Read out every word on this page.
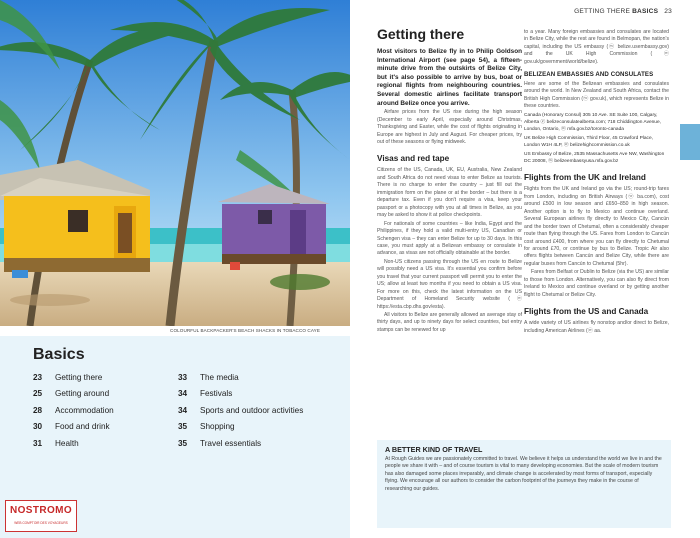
COLOURFUL BACKPACKER'S BEACH SHACKS IN TOBACCO CAYE
Basics
23	Getting there
25	Getting around
28	Accommodation
30	Food and drink
31	Health
33	The media
34	Festivals
34	Sports and outdoor activities
35	Shopping
35	Travel essentials
NOSTROMO
WEB COMPTOIR DES VOYAGEURS
GETTING THERE BASICS 23
Getting there

Most visitors to Belize fly in to Philip Goldson International Airport (see page 54), a fifteen-minute drive from the outskirts of Belize City, but it's also possible to arrive by bus, boat or regional flights from neighbouring countries. Several domestic airlines facilitate transport around Belize once you arrive.

Airfare prices from the US rise during the high season (December to early April, especially around Christmas, Thanksgiving and Easter, while the cost of flights originating in Europe are highest in July and August. For cheaper prices, try out of these seasons or flying midweek.

Visas and red tape

Citizens of the US, Canada, UK, EU, Australia, New Zealand and South Africa do not need visas to enter Belize as tourists. There is no charge to enter the country – just fill out the immigration form on the plane or at the border – but there is a departure tax. Even if you don't require a visa, keep your passport or a photocopy with you at all times in Belize, as you may be asked to show it at police checkpoints.

For nationals of some countries – like India, Egypt and the Philippines, if they hold a valid multi-entry US, Canadian or Schengen visa – they can enter Belize for up to 30 days. In this case, you must apply at a Belizean embassy or consulate in advance, as visas are not officially obtainable at the border.

Non-US citizens passing through the US en route to Belize will possibly need a US visa. It's essential you confirm before you travel that your current passport will permit you to enter the US; allow at least two months if you need to obtain a US visa. For more on this, check the latest information on the US Department of Homeland Security website (ⓦ https://esta.cbp.dhs.gov/esta).

All visitors to Belize are generally allowed an average stay of thirty days, and up to ninety days for select countries, but entry stamps can be renewed for up

to a year. Many foreign embassies and consulates are located in Belize City, while the rest are found in Belmopan, the nation's capital, including the US embassy (ⓦ belize.usembassy.gov) and the UK High Commission (ⓦ gov.uk/government/world/belize).

BELIZEAN EMBASSIES AND CONSULATES

Here are some of the Belizean embassies and consulates around the world. In New Zealand and South Africa, contact the British High Commission (ⓦ gov.uk), which represents Belize in these countries.

Canada (Honorary Consul) 305 10 Ave. SE Suite 100, Calgary, Alberta ⓔ belizeconsulatealberta.com; 718 Chiddington Avenue, London, Ontario, ⓦ mfa.gov.bz/toronto-canada

UK Belize High Commission, Third Floor, 45 Crawford Place, London W1H 4LP, ⓦ belizehighcommission.co.uk

US Embassy of Belize, 2535 Massachusetts Ave NW, Washington DC 20008, ⓦ belizeembassyusa.mfa.gov.bz

Flights from the UK and Ireland

Flights from the UK and Ireland go via the US; round-trip fares from London, including on British Airways (ⓦ ba.com), cost around £500 in low season and £650–850 in high season. Another option is to fly to Mexico and continue overland. Several European airlines fly directly to Mexico City, Cancún and the border town of Chetumal, often a considerably cheaper route than flying through the US. Fares from London to Cancún cost around £400, from where you can fly directly to Chetumal for around £70, or continue by bus to Belize. Tropic Air also offers flights between Cancún and Belize City, while there are regular buses from Cancún to Chetumal (5hr).

Fares from Belfast or Dublin to Belize (via the US) are similar to those from London. Alternatively, you can also fly direct from Ireland to Mexico and continue overland or by getting another flight to Chetumal or Belize City.

Flights from the US and Canada

A wide variety of US airlines fly nonstop and/or direct to Belize, including American Airlines (ⓦ aa.

A BETTER KIND OF TRAVEL
At Rough Guides we are passionately committed to travel. We believe it helps us understand the world we live in and the people we share it with – and of course tourism is vital to many developing economies. But the scale of modern tourism has also damaged some places irreparably, and climate change is accelerated by most forms of transport, especially flying. We encourage all our authors to consider the carbon footprint of the journeys they make in the course of researching our guides.
